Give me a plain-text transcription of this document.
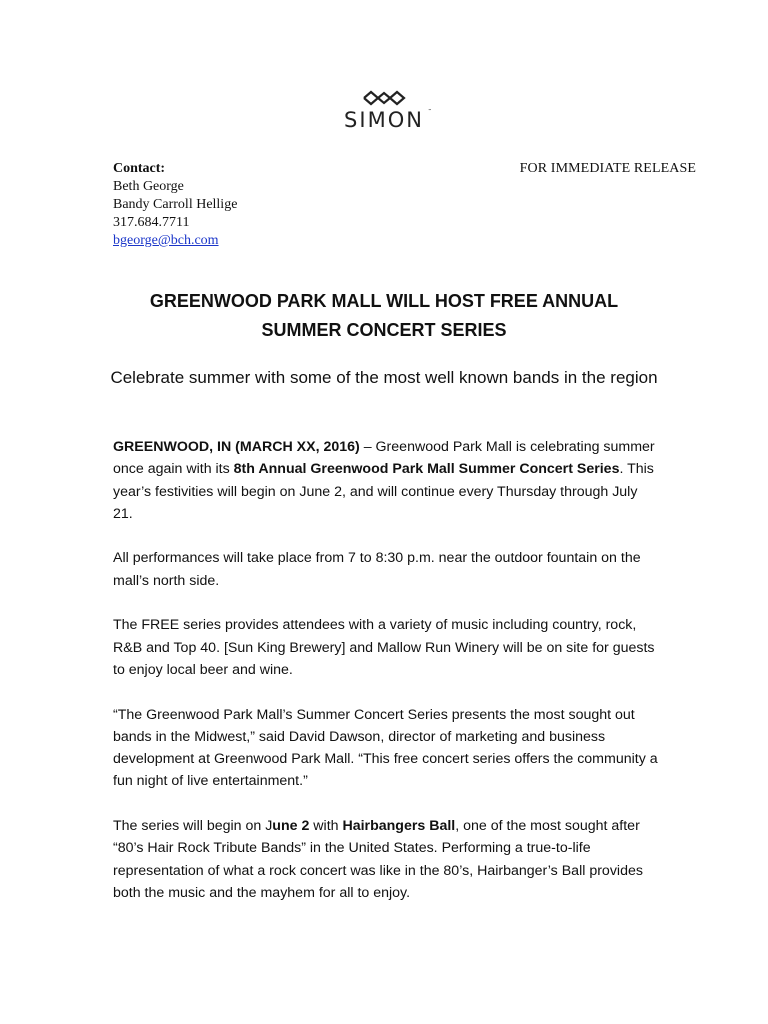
SIMON ™
Contact:
Beth George
Bandy Carroll Hellige
317.684.7711
bgeorge@bch.com
FOR IMMEDIATE RELEASE
GREENWOOD PARK MALL WILL HOST FREE ANNUAL
SUMMER CONCERT SERIES
Celebrate summer with some of the most well known bands in the region

GREENWOOD, IN (MARCH XX, 2016) – Greenwood Park Mall is celebrating summer once again with its 8th Annual Greenwood Park Mall Summer Concert Series. This year’s festivities will begin on June 2, and will continue every Thursday through July 21.

All performances will take place from 7 to 8:30 p.m. near the outdoor fountain on the mall’s north side.

The FREE series provides attendees with a variety of music including country, rock, R&B and Top 40. [Sun King Brewery] and Mallow Run Winery will be on site for guests to enjoy local beer and wine.

“The Greenwood Park Mall’s Summer Concert Series presents the most sought out bands in the Midwest,” said David Dawson, director of marketing and business development at Greenwood Park Mall. “This free concert series offers the community a fun night of live entertainment.”

The series will begin on June 2 with Hairbangers Ball, one of the most sought after “80’s Hair Rock Tribute Bands” in the United States. Performing a true-to-life representation of what a rock concert was like in the 80’s, Hairbanger’s Ball provides both the music and the mayhem for all to enjoy.
